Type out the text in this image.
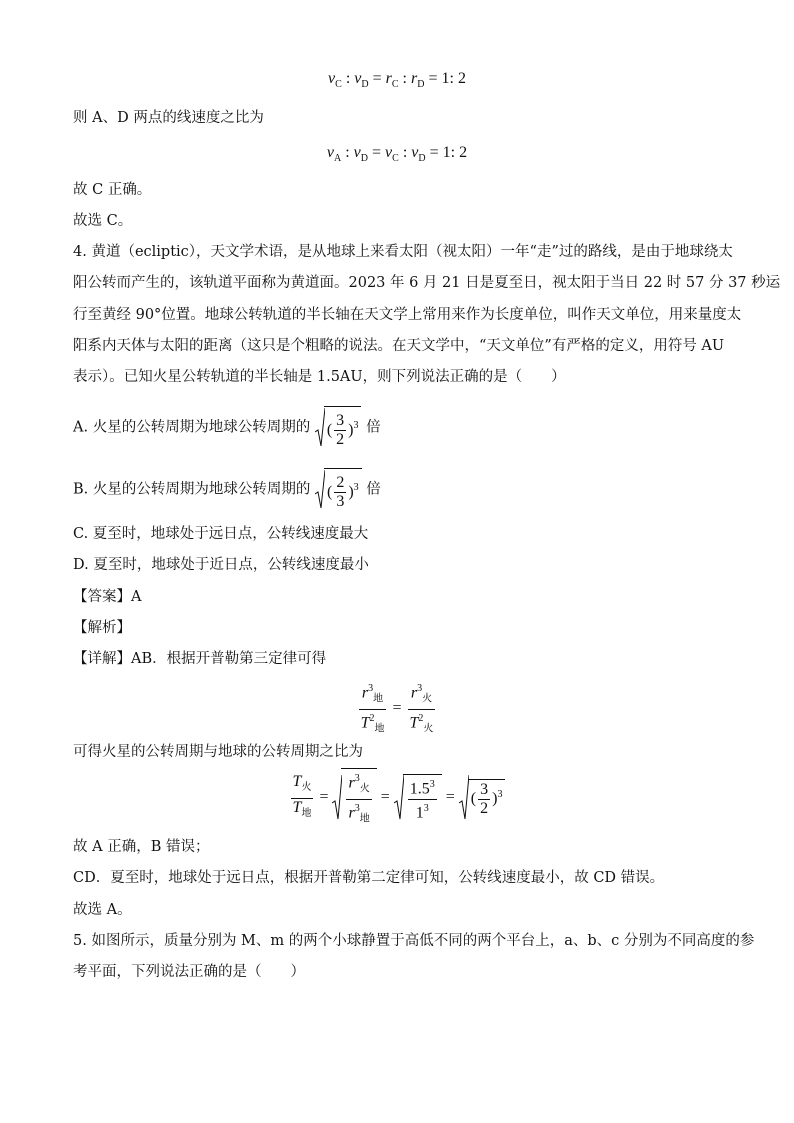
$v_C$ : $v_D = r_C$ : $r_D = 1$: 2
则 A、D 两点的线速度之比为
$v_A$ : $v_D = v_C$ : $v_D = 1$: 2
故 C 正确。
故选 C。
4. 黄道（ecliptic），天文学术语，是从地球上来看太阳（视太阳）一年“走”过的路线，是由于地球绕太
阳公转而产生的，该轨道平面称为黄道面。2023 年 6 月 21 日是夏至日，视太阳于当日 22 时 57 分 37 秒运
行至黄经 90°位置。地球公转轨道的半长轴在天文学上常用来作为长度单位，叫作天文单位，用来量度太
阳系内天体与太阳的距离（这只是个粗略的说法。在天文学中，“天文单位”有严格的定义，用符号 AU
表示）。已知火星公转轨道的半长轴是 1.5AU，则下列说法正确的是（　　）
A. 火星的公转周期为地球公转周期的 ( $\frac{3}{2} )^3$ 倍
B. 火星的公转周期为地球公转周期的 ( $\frac{2}{3} )^3$ 倍
C. 夏至时，地球处于远日点，公转线速度最大
D. 夏至时，地球处于近日点，公转线速度最小
【答案】A
【解析】
【详解】AB．根据开普勒第三定律可得
$\frac{r^3_地}{T^2_地} = \frac{r^3_火}{T^2_火}$
可得火星的公转周期与地球的公转周期之比为
$\frac{T_火}{T_地} = \frac{r^3_火}{r^3_地} = \frac{1.5^3}{1^3}$ = ( $\frac{3}{2} )^3$
故 A 正确，B 错误；
CD．夏至时，地球处于远日点，根据开普勒第二定律可知，公转线速度最小，故 CD 错误。
故选 A。
5. 如图所示，质量分别为 M、m 的两个小球静置于高低不同的两个平台上，a、b、c 分别为不同高度的参
考平面，下列说法正确的是（　　）
